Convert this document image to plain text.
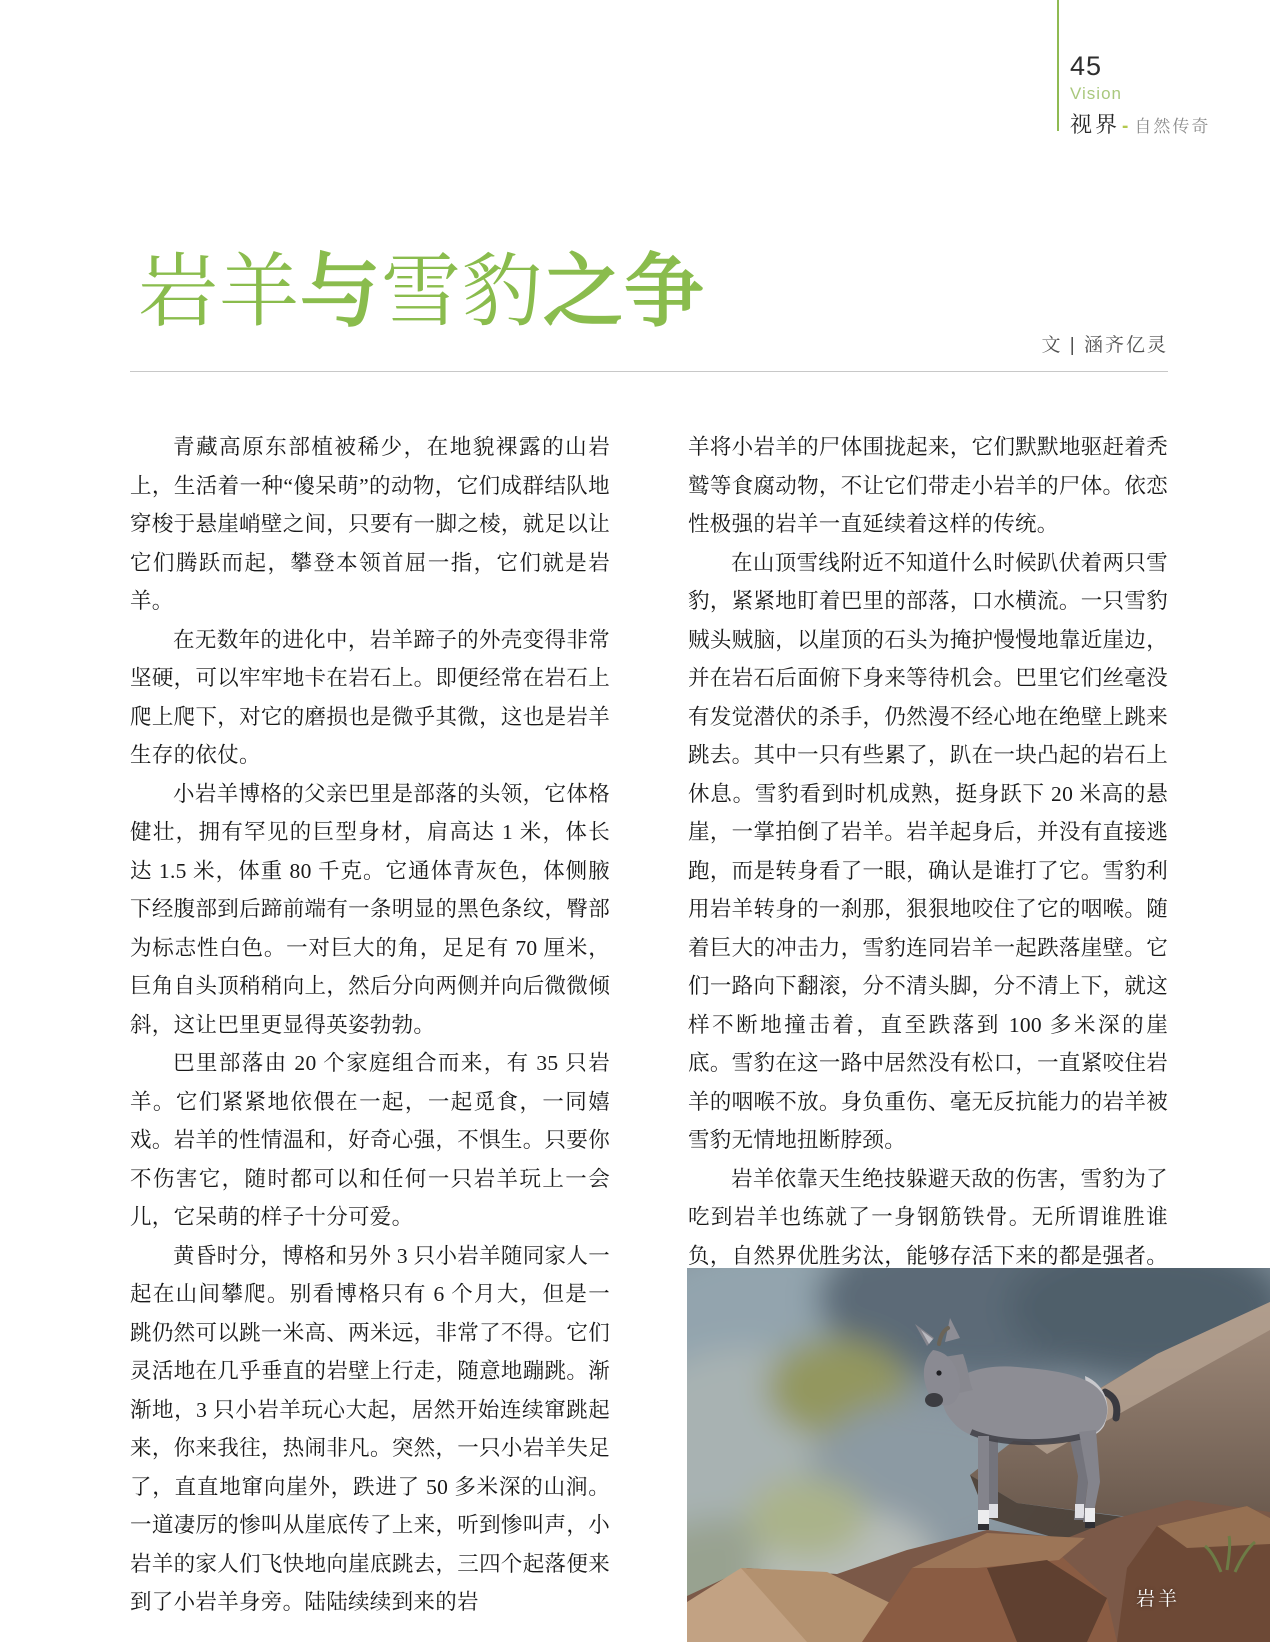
45
Vision
视界 - 自然传奇
岩羊与雪豹之争
文 | 涵齐亿灵

青藏高原东部植被稀少，在地貌裸露的山岩上，生活着一种“傻呆萌”的动物，它们成群结队地穿梭于悬崖峭壁之间，只要有一脚之棱，就足以让它们腾跃而起，攀登本领首屈一指，它们就是岩羊。

在无数年的进化中，岩羊蹄子的外壳变得非常坚硬，可以牢牢地卡在岩石上。即便经常在岩石上爬上爬下，对它的磨损也是微乎其微，这也是岩羊生存的依仗。

小岩羊博格的父亲巴里是部落的头领，它体格健壮，拥有罕见的巨型身材，肩高达 1 米，体长达 1.5 米，体重 80 千克。它通体青灰色，体侧腋下经腹部到后蹄前端有一条明显的黑色条纹，臀部为标志性白色。一对巨大的角，足足有 70 厘米，巨角自头顶稍稍向上，然后分向两侧并向后微微倾斜，这让巴里更显得英姿勃勃。

巴里部落由 20 个家庭组合而来，有 35 只岩羊。它们紧紧地依偎在一起，一起觅食，一同嬉戏。岩羊的性情温和，好奇心强，不惧生。只要你不伤害它，随时都可以和任何一只岩羊玩上一会儿，它呆萌的样子十分可爱。

黄昏时分，博格和另外 3 只小岩羊随同家人一起在山间攀爬。别看博格只有 6 个月大，但是一跳仍然可以跳一米高、两米远，非常了不得。它们灵活地在几乎垂直的岩壁上行走，随意地蹦跳。渐渐地，3 只小岩羊玩心大起，居然开始连续窜跳起来，你来我往，热闹非凡。突然，一只小岩羊失足了，直直地窜向崖外，跌进了 50 多米深的山涧。一道凄厉的惨叫从崖底传了上来，听到惨叫声，小岩羊的家人们飞快地向崖底跳去，三四个起落便来到了小岩羊身旁。陆陆续续到来的岩

羊将小岩羊的尸体围拢起来，它们默默地驱赶着秃鹫等食腐动物，不让它们带走小岩羊的尸体。依恋性极强的岩羊一直延续着这样的传统。

在山顶雪线附近不知道什么时候趴伏着两只雪豹，紧紧地盯着巴里的部落，口水横流。一只雪豹贼头贼脑，以崖顶的石头为掩护慢慢地靠近崖边，并在岩石后面俯下身来等待机会。巴里它们丝毫没有发觉潜伏的杀手，仍然漫不经心地在绝壁上跳来跳去。其中一只有些累了，趴在一块凸起的岩石上休息。雪豹看到时机成熟，挺身跃下 20 米高的悬崖，一掌拍倒了岩羊。岩羊起身后，并没有直接逃跑，而是转身看了一眼，确认是谁打了它。雪豹利用岩羊转身的一刹那，狠狠地咬住了它的咽喉。随着巨大的冲击力，雪豹连同岩羊一起跌落崖壁。它们一路向下翻滚，分不清头脚，分不清上下，就这样不断地撞击着，直至跌落到 100 多米深的崖底。雪豹在这一路中居然没有松口，一直紧咬住岩羊的咽喉不放。身负重伤、毫无反抗能力的岩羊被雪豹无情地扭断脖颈。

岩羊依靠天生绝技躲避天敌的伤害，雪豹为了吃到岩羊也练就了一身钢筋铁骨。无所谓谁胜谁负，自然界优胜劣汰，能够存活下来的都是强者。

岩羊
